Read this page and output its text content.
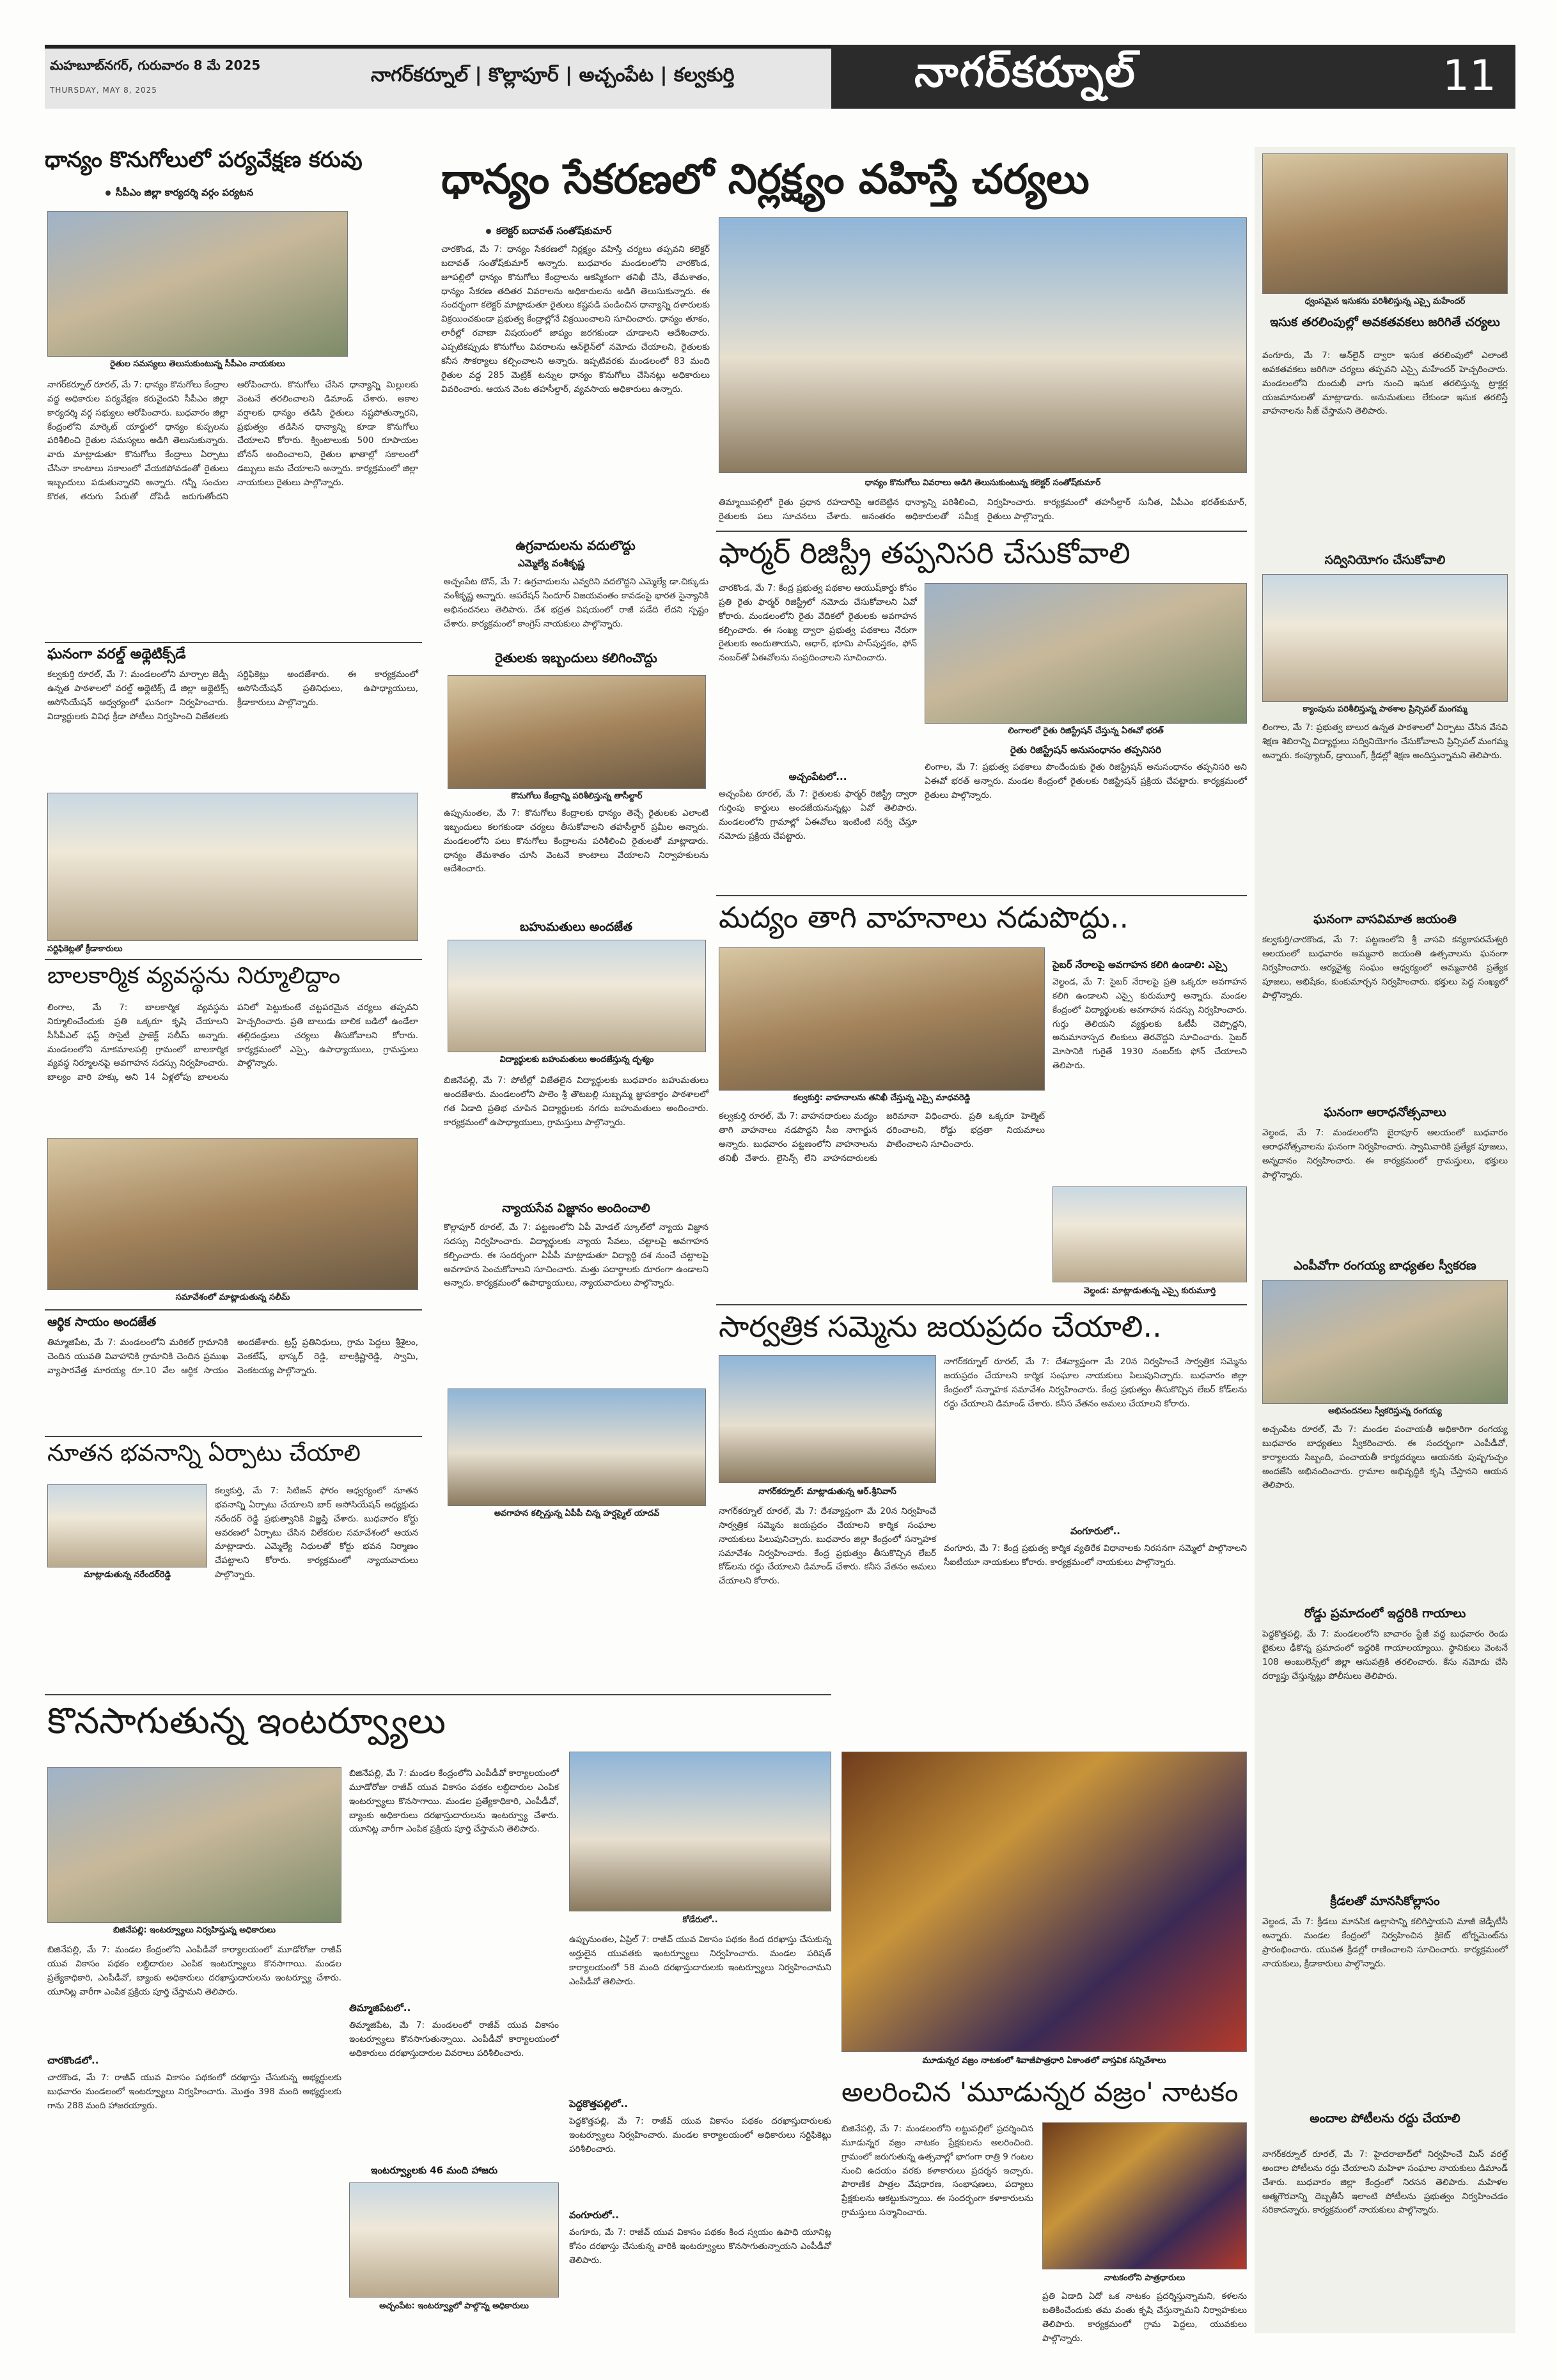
మహబూబ్‌నగర్, గురువారం 8 మే 2025
THURSDAY, MAY 8, 2025
నాగర్‌కర్నూల్ | కొల్లాపూర్ | అచ్చంపేట | కల్వకుర్తి	నాగర్‌కర్నూల్	11
ధాన్యం కొనుగోలులో పర్యవేక్షణ కరువు
సీపీఎం జిల్లా కార్యదర్శి వర్గం పర్యటన
రైతుల సమస్యలు తెలుసుకుంటున్న సీపీఎం నాయకులు
నాగర్‌కర్నూల్ రూరల్, మే 7: ధాన్యం కొనుగోలు కేంద్రాల వద్ద అధికారుల పర్యవేక్షణ కరువైందని సీపీఎం జిల్లా కార్యదర్శి వర్గ సభ్యులు ఆరోపించారు. బుధవారం జిల్లా కేంద్రంలోని మార్కెట్ యార్డులో ధాన్యం కుప్పలను పరిశీలించి రైతుల సమస్యలు అడిగి తెలుసుకున్నారు. వారు మాట్లాడుతూ కొనుగోలు కేంద్రాలు ఏర్పాటు చేసినా కాంటాలు సకాలంలో వేయకపోవడంతో రైతులు ఇబ్బందులు పడుతున్నారని అన్నారు. గన్నీ సంచుల కొరత, తరుగు పేరుతో దోపిడీ జరుగుతోందని ఆరోపించారు. కొనుగోలు చేసిన ధాన్యాన్ని మిల్లులకు వెంటనే తరలించాలని డిమాండ్ చేశారు. అకాల వర్షాలకు ధాన్యం తడిసి రైతులు నష్టపోతున్నారని, ప్రభుత్వం తడిసిన ధాన్యాన్ని కూడా కొనుగోలు చేయాలని కోరారు. క్వింటాలుకు 500 రూపాయల బోనస్ అందించాలని, రైతుల ఖాతాల్లో సకాలంలో డబ్బులు జమ చేయాలని అన్నారు. కార్యక్రమంలో జిల్లా నాయకులు రైతులు పాల్గొన్నారు.
ఘనంగా వరల్డ్ అథ్లెటిక్స్‌డే
కల్వకుర్తి రూరల్, మే 7: మండలంలోని మార్చాల జెడ్పీ ఉన్నత పాఠశాలలో వరల్డ్ అథ్లెటిక్స్ డే జిల్లా అథ్లెటిక్స్ అసోసియేషన్ ఆధ్వర్యంలో ఘనంగా నిర్వహించారు. విద్యార్థులకు వివిధ క్రీడా పోటీలు నిర్వహించి విజేతలకు సర్టిఫికెట్లు అందజేశారు. ఈ కార్యక్రమంలో అసోసియేషన్ ప్రతినిధులు, ఉపాధ్యాయులు, క్రీడాకారులు పాల్గొన్నారు.
సర్టిఫికెట్లతో క్రీడాకారులు
బాలకార్మిక వ్యవస్థను నిర్మూలిద్దాం
లింగాల, మే 7: బాలకార్మిక వ్యవస్థను నిర్మూలించేందుకు ప్రతి ఒక్కరూ కృషి చేయాలని సీసీపీఎల్ ఫస్ట్ సొసైటీ ప్రాజెక్ట్ సలీమ్ అన్నారు. మండలంలోని నూకమాలపల్లి గ్రామంలో బాలకార్మిక వ్యవస్థ నిర్మూలనపై అవగాహన సదస్సు నిర్వహించారు. బాల్యం వారి హక్కు అని 14 ఏళ్లలోపు బాలలను పనిలో పెట్టుకుంటే చట్టపరమైన చర్యలు తప్పవని హెచ్చరించారు. ప్రతి బాలుడు బాలిక బడిలో ఉండేలా తల్లిదండ్రులు చర్యలు తీసుకోవాలని కోరారు. కార్యక్రమంలో ఎస్సై, ఉపాధ్యాయులు, గ్రామస్తులు పాల్గొన్నారు.
సమావేశంలో మాట్లాడుతున్న సలీమ్
ఆర్థిక సాయం అందజేత
తిమ్మాజిపేట, మే 7: మండలంలోని మరికల్ గ్రామానికి చెందిన యువతి వివాహానికి గ్రామానికి చెందిన ప్రముఖ వ్యాపారవేత్త మారయ్య రూ.10 వేల ఆర్థిక సాయం అందజేశారు. ట్రస్ట్ ప్రతినిధులు, గ్రామ పెద్దలు శ్రీశైలం, వెంకటేష్, భాస్కర్ రెడ్డి, బాలక్రిష్ణారెడ్డి, స్వామి, వెంకటయ్య పాల్గొన్నారు.
నూతన భవనాన్ని ఏర్పాటు చేయాలి
మాట్లాడుతున్న నరేందర్‌రెడ్డి
కల్వకుర్తి, మే 7: సిటిజన్ ఫోరం ఆధ్వర్యంలో నూతన భవనాన్ని ఏర్పాటు చేయాలని బార్ అసోసియేషన్ అధ్యక్షుడు నరేందర్ రెడ్డి ప్రభుత్వానికి విజ్ఞప్తి చేశారు. బుధవారం కోర్టు ఆవరణలో ఏర్పాటు చేసిన విలేకరుల సమావేశంలో ఆయన మాట్లాడారు. ఎమ్మెల్యే నిధులతో కోర్టు భవన నిర్మాణం చేపట్టాలని కోరారు. కార్యక్రమంలో న్యాయవాదులు పాల్గొన్నారు.
ధాన్యం సేకరణలో నిర్లక్ష్యం వహిస్తే చర్యలు
కలెక్టర్ బదావత్ సంతోష్‌కుమార్
చారకొండ, మే 7: ధాన్యం సేకరణలో నిర్లక్ష్యం వహిస్తే చర్యలు తప్పవని కలెక్టర్ బదావత్ సంతోష్‌కుమార్ అన్నారు. బుధవారం మండలంలోని చారకొండ, జూపల్లిలో ధాన్యం కొనుగోలు కేంద్రాలను ఆకస్మికంగా తనిఖీ చేసి, తేమశాతం, ధాన్యం సేకరణ తదితర వివరాలను అధికారులను అడిగి తెలుసుకున్నారు. ఈ సందర్భంగా కలెక్టర్ మాట్లాడుతూ రైతులు కష్టపడి పండించిన ధాన్యాన్ని దళారులకు విక్రయించకుండా ప్రభుత్వ కేంద్రాల్లోనే విక్రయించాలని సూచించారు. ధాన్యం తూకం, లారీల్లో రవాణా విషయంలో జాప్యం జరగకుండా చూడాలని ఆదేశించారు. ఎప్పటికప్పుడు కొనుగోలు వివరాలను ఆన్‌లైన్‌లో నమోదు చేయాలని, రైతులకు కనీస సౌకర్యాలు కల్పించాలని అన్నారు. ఇప్పటివరకు మండలంలో 83 మంది రైతుల వద్ద 285 మెట్రిక్ టన్నుల ధాన్యం కొనుగోలు చేసినట్లు అధికారులు వివరించారు. ఆయన వెంట తహసీల్దార్, వ్యవసాయ అధికారులు ఉన్నారు.
ధాన్యం కొనుగోలు వివరాలు అడిగి తెలుసుకుంటున్న కలెక్టర్ సంతోష్‌కుమార్
తిమ్మాయిపల్లిలో రైతు ప్రధాన రహదారిపై ఆరబెట్టిన ధాన్యాన్ని పరిశీలించి, రైతులకు పలు సూచనలు చేశారు. అనంతరం అధికారులతో సమీక్ష నిర్వహించారు. కార్యక్రమంలో తహసీల్దార్ సునీత, ఏపీఎం భరత్‌కుమార్, రైతులు పాల్గొన్నారు.
ఉగ్రవాదులను వదులొద్దు
ఎమ్మెల్యే వంశీకృష్ణ
అచ్చంపేట టౌన్, మే 7: ఉగ్రవాదులను ఎవ్వరిని వదలొద్దని ఎమ్మెల్యే డా.చిక్కుడు వంశీకృష్ణ అన్నారు. ఆపరేషన్ సిందూర్ విజయవంతం కావడంపై భారత సైన్యానికి అభినందనలు తెలిపారు. దేశ భద్రత విషయంలో రాజీ పడేది లేదని స్పష్టం చేశారు. కార్యక్రమంలో కాంగ్రెస్ నాయకులు పాల్గొన్నారు.
రైతులకు ఇబ్బందులు కలిగించొద్దు
కొనుగోలు కేంద్రాన్ని పరిశీలిస్తున్న తాసీల్దార్
ఉప్పునుంతల, మే 7: కొనుగోలు కేంద్రాలకు ధాన్యం తెచ్చే రైతులకు ఎలాంటి ఇబ్బందులు కలగకుండా చర్యలు తీసుకోవాలని తహసీల్దార్ ప్రమీల అన్నారు. మండలంలోని పలు కొనుగోలు కేంద్రాలను పరిశీలించి రైతులతో మాట్లాడారు. ధాన్యం తేమశాతం చూసి వెంటనే కాంటాలు వేయాలని నిర్వాహకులను ఆదేశించారు.
బహుమతులు అందజేత
విద్యార్థులకు బహుమతులు అందజేస్తున్న దృశ్యం
బిజినేపల్లి, మే 7: పోటీల్లో విజేతలైన విద్యార్థులకు బుధవారం బహుమతులు అందజేశారు. మండలంలోని పాలెం శ్రీ తౌటబల్లి సుబ్బమ్మ జ్ఞాపకార్థం పాఠశాలలో గత ఏడాది ప్రతిభ చూపిన విద్యార్థులకు నగదు బహుమతులు అందించారు. కార్యక్రమంలో ఉపాధ్యాయులు, గ్రామస్తులు పాల్గొన్నారు.
న్యాయసేవ విజ్ఞానం అందించాలి
కొల్లాపూర్ రూరల్, మే 7: పట్టణంలోని ఏపీ మోడల్ స్కూల్‌లో న్యాయ విజ్ఞాన సదస్సు నిర్వహించారు. విద్యార్థులకు న్యాయ సేవలు, చట్టాలపై అవగాహన కల్పించారు. ఈ సందర్భంగా ఏపీపీ మాట్లాడుతూ విద్యార్థి దశ నుంచే చట్టాలపై అవగాహన పెంచుకోవాలని సూచించారు. మత్తు పదార్థాలకు దూరంగా ఉండాలని అన్నారు. కార్యక్రమంలో ఉపాధ్యాయులు, న్యాయవాదులు పాల్గొన్నారు.
అవగాహన కల్పిస్తున్న ఏపీపీ చిన్న హర్షస్మైల్ యాదవ్
ఫార్మర్ రిజిస్ట్రీ తప్పనిసరి చేసుకోవాలి
చారకొండ, మే 7: కేంద్ర ప్రభుత్వ పథకాల ఆయుష్‌కార్డు కోసం ప్రతి రైతు ఫార్మర్ రిజిస్ట్రీలో నమోదు చేసుకోవాలని ఏవో కోరారు. మండలంలోని రైతు వేదికలో రైతులకు అవగాహన కల్పించారు. ఈ సంఖ్య ద్వారా ప్రభుత్వ పథకాలు నేరుగా రైతులకు అందుతాయని, ఆధార్, భూమి పాస్‌పుస్తకం, ఫోన్ నంబర్‌తో ఏఈవోలను సంప్రదించాలని సూచించారు.
లింగాలలో రైతు రిజిస్ట్రేషన్ చేస్తున్న ఏఈవో భరత్
రైతు రిజిస్ట్రేషన్ అనుసంధానం తప్పనిసరి
లింగాల, మే 7: ప్రభుత్వ పథకాలు పొందేందుకు రైతు రిజిస్ట్రేషన్ అనుసంధానం తప్పనిసరి అని ఏఈవో భరత్ అన్నారు. మండల కేంద్రంలో రైతులకు రిజిస్ట్రేషన్ ప్రక్రియ చేపట్టారు. కార్యక్రమంలో రైతులు పాల్గొన్నారు.
అచ్చంపేటలో...
అచ్చంపేట రూరల్, మే 7: రైతులకు ఫార్మర్ రిజిస్ట్రీ ద్వారా గుర్తింపు కార్డులు అందజేయనున్నట్లు ఏవో తెలిపారు. మండలంలోని గ్రామాల్లో ఏఈవోలు ఇంటింటి సర్వే చేస్తూ నమోదు ప్రక్రియ చేపట్టారు.
మద్యం తాగి వాహనాలు నడుపొద్దు..
కల్వకుర్తి: వాహనాలను తనిఖీ చేస్తున్న ఎస్సై మాధవరెడ్డి
కల్వకుర్తి రూరల్, మే 7: వాహనదారులు మద్యం తాగి వాహనాలు నడపొద్దని సీఐ నాగార్జున అన్నారు. బుధవారం పట్టణంలోని వాహనాలను తనిఖీ చేశారు. లైసెన్స్ లేని వాహనదారులకు జరిమానా విధించారు. ప్రతి ఒక్కరూ హెల్మెట్ ధరించాలని, రోడ్డు భద్రతా నియమాలు పాటించాలని సూచించారు.
సైబర్ నేరాలపై అవగాహన కలిగి ఉండాలి: ఎస్సై
వెల్దండ, మే 7: సైబర్ నేరాలపై ప్రతి ఒక్కరూ అవగాహన కలిగి ఉండాలని ఎస్సై కురుమూర్తి అన్నారు. మండల కేంద్రంలో విద్యార్థులకు అవగాహన సదస్సు నిర్వహించారు. గుర్తు తెలియని వ్యక్తులకు ఓటీపీ చెప్పొద్దని, అనుమానాస్పద లింకులు తెరవొద్దని సూచించారు. సైబర్ మోసానికి గురైతే 1930 నంబర్‌కు ఫోన్ చేయాలని తెలిపారు.
వెల్దండ: మాట్లాడుతున్న ఎస్సై కురుమూర్తి
సార్వత్రిక సమ్మెను జయప్రదం చేయాలి..
నాగర్‌కర్నూల్: మాట్లాడుతున్న ఆర్.శ్రీనివాస్
నాగర్‌కర్నూల్ రూరల్, మే 7: దేశవ్యాప్తంగా మే 20న నిర్వహించే సార్వత్రిక సమ్మెను జయప్రదం చేయాలని కార్మిక సంఘాల నాయకులు పిలుపునిచ్చారు. బుధవారం జిల్లా కేంద్రంలో సన్నాహక సమావేశం నిర్వహించారు. కేంద్ర ప్రభుత్వం తీసుకొచ్చిన లేబర్ కోడ్‌లను రద్దు చేయాలని డిమాండ్ చేశారు. కనీస వేతనం అమలు చేయాలని కోరారు.
నాగర్‌కర్నూల్ రూరల్, మే 7: దేశవ్యాప్తంగా మే 20న నిర్వహించే సార్వత్రిక సమ్మెను జయప్రదం చేయాలని కార్మిక సంఘాల నాయకులు పిలుపునిచ్చారు. బుధవారం జిల్లా కేంద్రంలో సన్నాహక సమావేశం నిర్వహించారు. కేంద్ర ప్రభుత్వం తీసుకొచ్చిన లేబర్ కోడ్‌లను రద్దు చేయాలని డిమాండ్ చేశారు. కనీస వేతనం అమలు చేయాలని కోరారు.
వంగూరులో..
వంగూరు, మే 7: కేంద్ర ప్రభుత్వ కార్మిక వ్యతిరేక విధానాలకు నిరసనగా సమ్మెలో పాల్గొనాలని సీఐటీయూ నాయకులు కోరారు. కార్యక్రమంలో నాయకులు పాల్గొన్నారు.
కొనసాగుతున్న ఇంటర్వ్యూలు
బిజినేపల్లి: ఇంటర్వ్యూలు నిర్వహిస్తున్న అధికారులు
బిజినేపల్లి, మే 7: మండల కేంద్రంలోని ఎంపీడీవో కార్యాలయంలో మూడోరోజు రాజీవ్ యువ వికాసం పథకం లబ్ధిదారుల ఎంపిక ఇంటర్వ్యూలు కొనసాగాయి. మండల ప్రత్యేకాధికారి, ఎంపీడీవో, బ్యాంకు అధికారులు దరఖాస్తుదారులను ఇంటర్వ్యూ చేశారు. యూనిట్ల వారీగా ఎంపిక ప్రక్రియ పూర్తి చేస్తామని తెలిపారు.
బిజినేపల్లి, మే 7: మండల కేంద్రంలోని ఎంపీడీవో కార్యాలయంలో మూడోరోజు రాజీవ్ యువ వికాసం పథకం లబ్ధిదారుల ఎంపిక ఇంటర్వ్యూలు కొనసాగాయి. మండల ప్రత్యేకాధికారి, ఎంపీడీవో, బ్యాంకు అధికారులు దరఖాస్తుదారులను ఇంటర్వ్యూ చేశారు. యూనిట్ల వారీగా ఎంపిక ప్రక్రియ పూర్తి చేస్తామని తెలిపారు.
చారకొండలో..
చారకొండ, మే 7: రాజీవ్ యువ వికాసం పథకంలో దరఖాస్తు చేసుకున్న అభ్యర్థులకు బుధవారం మండలంలో ఇంటర్వ్యూలు నిర్వహించారు. మొత్తం 398 మంది అభ్యర్థులకు గాను 288 మంది హాజరయ్యారు.
తిమ్మాజిపేటలో..
తిమ్మాజిపేట, మే 7: మండలంలో రాజీవ్ యువ వికాసం ఇంటర్వ్యూలు కొనసాగుతున్నాయి. ఎంపీడీవో కార్యాలయంలో అధికారులు దరఖాస్తుదారుల వివరాలు పరిశీలించారు.
ఇంటర్వ్యూలకు 46 మంది హాజరు
అచ్చంపేట: ఇంటర్వ్యూలో పాల్గొన్న అధికారులు
కోడేరులో..
ఉప్పునుంతల, ఏప్రిల్ 7: రాజీవ్ యువ వికాసం పథకం కింద దరఖాస్తు చేసుకున్న అర్హులైన యువతకు ఇంటర్వ్యూలు నిర్వహించారు. మండల పరిషత్ కార్యాలయంలో 58 మంది దరఖాస్తుదారులకు ఇంటర్వ్యూలు నిర్వహించామని ఎంపీడీవో తెలిపారు.
పెద్దకొత్తపల్లిలో..
పెద్దకొత్తపల్లి, మే 7: రాజీవ్ యువ వికాసం పథకం దరఖాస్తుదారులకు ఇంటర్వ్యూలు నిర్వహించారు. మండల కార్యాలయంలో అధికారులు సర్టిఫికెట్లు పరిశీలించారు.
వంగూరులో..
వంగూరు, మే 7: రాజీవ్ యువ వికాసం పథకం కింద స్వయం ఉపాధి యూనిట్ల కోసం దరఖాస్తు చేసుకున్న వారికి ఇంటర్వ్యూలు కొనసాగుతున్నాయని ఎంపీడీవో తెలిపారు.
మూడున్నర వజ్రం నాటకంలో శివాజీపాత్రధారి ఏకాంతలో వాస్తవిక సన్నివేశాలు
అలరించిన 'మూడున్నర వజ్రం' నాటకం
బిజినేపల్లి, మే 7: మండలంలోని లట్టుపల్లిలో ప్రదర్శించిన మూడున్నర వజ్రం నాటకం ప్రేక్షకులను అలరించింది. గ్రామంలో జరుగుతున్న ఉత్సవాల్లో భాగంగా రాత్రి 9 గంటల నుంచి ఉదయం వరకు కళాకారులు ప్రదర్శన ఇచ్చారు. పౌరాణిక పాత్రల వేషధారణ, సంభాషణలు, పద్యాలు ప్రేక్షకులను ఆకట్టుకున్నాయి. ఈ సందర్భంగా కళాకారులను గ్రామస్తులు సన్మానించారు.
నాటకంలోని పాత్రధారులు
ప్రతి ఏడాది ఏదో ఒక నాటకం ప్రదర్శిస్తున్నామని, కళలను బతికించేందుకు తమ వంతు కృషి చేస్తున్నామని నిర్వాహకులు తెలిపారు. కార్యక్రమంలో గ్రామ పెద్దలు, యువకులు పాల్గొన్నారు.
ధ్వంసమైన ఇసుకను పరిశీలిస్తున్న ఎస్సై మహేందర్
ఇసుక తరలింపుల్లో అవకతవకలు జరిగితే చర్యలు
వంగూరు, మే 7: ఆన్‌లైన్ ద్వారా ఇసుక తరలింపులో ఎలాంటి అవకతవకలు జరిగినా చర్యలు తప్పవని ఎస్సై మహేందర్ హెచ్చరించారు. మండలంలోని దుందుభీ వాగు నుంచి ఇసుక తరలిస్తున్న ట్రాక్టర్ల యజమానులతో మాట్లాడారు. అనుమతులు లేకుండా ఇసుక తరలిస్తే వాహనాలను సీజ్ చేస్తామని తెలిపారు.
సద్వినియోగం చేసుకోవాలి
క్యాంపును పరిశీలిస్తున్న పాఠశాల ప్రిన్సిపల్ మంగమ్మ
లింగాల, మే 7: ప్రభుత్వ బాలుర ఉన్నత పాఠశాలలో ఏర్పాటు చేసిన వేసవి శిక్షణ శిబిరాన్ని విద్యార్థులు సద్వినియోగం చేసుకోవాలని ప్రిన్సిపల్ మంగమ్మ అన్నారు. కంప్యూటర్, డ్రాయింగ్, క్రీడల్లో శిక్షణ అందిస్తున్నామని తెలిపారు.
ఘనంగా వాసవిమాత జయంతి
కల్వకుర్తి/చారకొండ, మే 7: పట్టణంలోని శ్రీ వాసవి కన్యకాపరమేశ్వరి ఆలయంలో బుధవారం అమ్మవారి జయంతి ఉత్సవాలను ఘనంగా నిర్వహించారు. ఆర్యవైశ్య సంఘం ఆధ్వర్యంలో అమ్మవారికి ప్రత్యేక పూజలు, అభిషేకం, కుంకుమార్చన నిర్వహించారు. భక్తులు పెద్ద సంఖ్యలో పాల్గొన్నారు.
ఘనంగా ఆరాధనోత్సవాలు
వెల్దండ, మే 7: మండలంలోని బైరాపూర్ ఆలయంలో బుధవారం ఆరాధనోత్సవాలను ఘనంగా నిర్వహించారు. స్వామివారికి ప్రత్యేక పూజలు, అన్నదానం నిర్వహించారు. ఈ కార్యక్రమంలో గ్రామస్తులు, భక్తులు పాల్గొన్నారు.
ఎంపీవోగా రంగయ్య బాధ్యతల స్వీకరణ
అభినందనలు స్వీకరిస్తున్న రంగయ్య
అచ్చంపేట రూరల్, మే 7: మండల పంచాయతీ అధికారిగా రంగయ్య బుధవారం బాధ్యతలు స్వీకరించారు. ఈ సందర్భంగా ఎంపీడీవో, కార్యాలయ సిబ్బంది, పంచాయతీ కార్యదర్శులు ఆయనకు పుష్పగుచ్ఛం అందజేసి అభినందించారు. గ్రామాల అభివృద్ధికి కృషి చేస్తానని ఆయన తెలిపారు.
రోడ్డు ప్రమాదంలో ఇద్దరికి గాయాలు
పెద్దకొత్తపల్లి, మే 7: మండలంలోని బాచారం స్టేజీ వద్ద బుధవారం రెండు బైకులు ఢీకొన్న ప్రమాదంలో ఇద్దరికి గాయాలయ్యాయి. స్థానికులు వెంటనే 108 అంబులెన్స్‌లో జిల్లా ఆసుపత్రికి తరలించారు. కేసు నమోదు చేసి దర్యాప్తు చేస్తున్నట్లు పోలీసులు తెలిపారు.
క్రీడలతో మానసికోల్లాసం
వెల్దండ, మే 7: క్రీడలు మానసిక ఉల్లాసాన్ని కలిగిస్తాయని మాజీ జెడ్పీటీసీ అన్నారు. మండల కేంద్రంలో నిర్వహించిన క్రికెట్ టోర్నమెంట్‌ను ప్రారంభించారు. యువత క్రీడల్లో రాణించాలని సూచించారు. కార్యక్రమంలో నాయకులు, క్రీడాకారులు పాల్గొన్నారు.
అందాల పోటీలను రద్దు చేయాలి
నాగర్‌కర్నూల్ రూరల్, మే 7: హైదరాబాద్‌లో నిర్వహించే మిస్ వరల్డ్ అందాల పోటీలను రద్దు చేయాలని మహిళా సంఘాల నాయకులు డిమాండ్ చేశారు. బుధవారం జిల్లా కేంద్రంలో నిరసన తెలిపారు. మహిళల ఆత్మగౌరవాన్ని దెబ్బతీసే ఇలాంటి పోటీలను ప్రభుత్వం నిర్వహించడం సరికాదన్నారు. కార్యక్రమంలో నాయకులు పాల్గొన్నారు.
